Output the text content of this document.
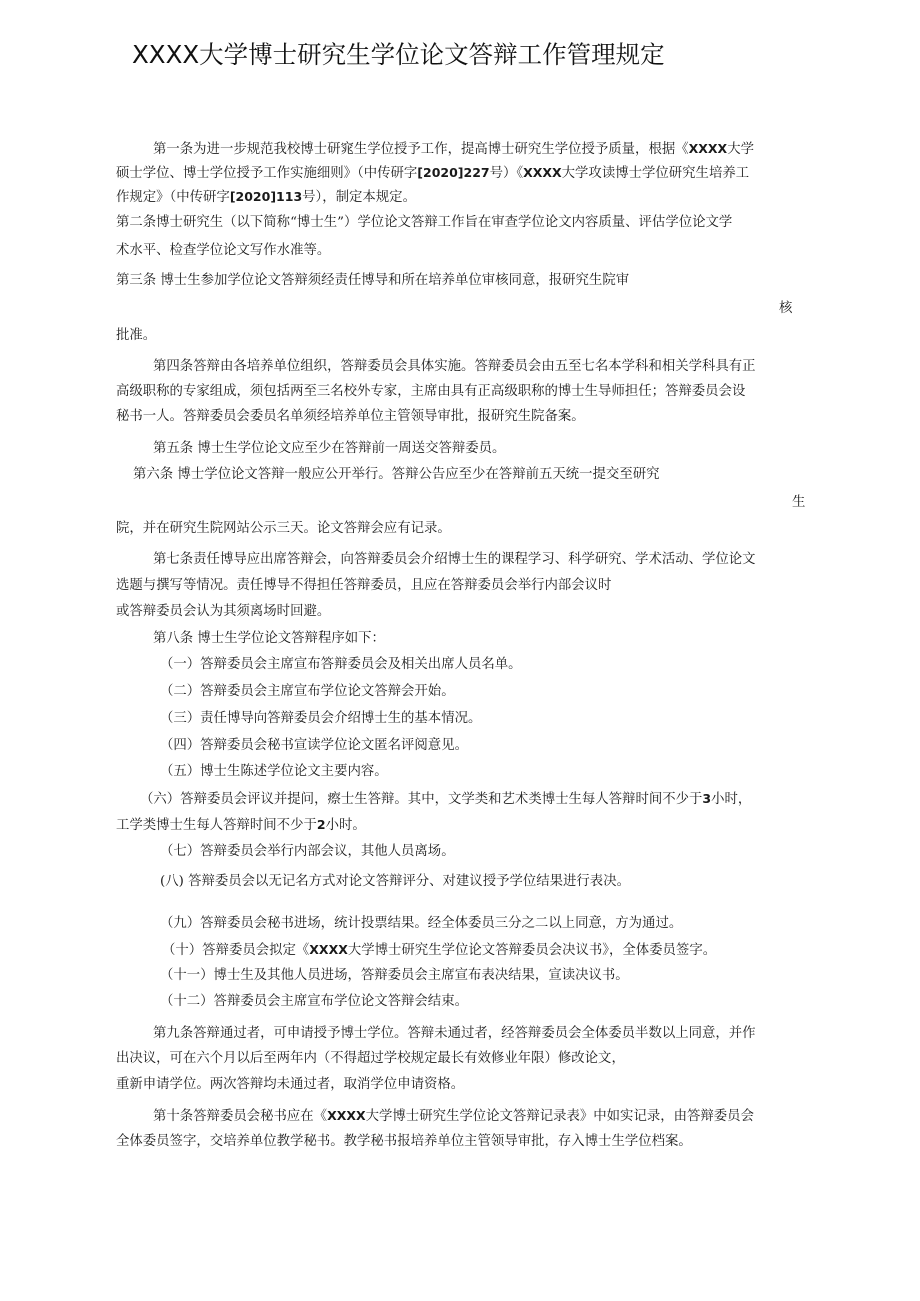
XXXX大学博士研究生学位论文答辩工作管理规定
第一条为进一步规范我校博士研窕生学位授予工作，提高博士研究生学位授予质量，根据《XXXX大学
硕士学位、博士学位授予工作实施细则》（中传研字[2020]227号）《XXXX大学攻读博士学位研究生培养工
作规定》（中传研字[2020]113号），制定本规定。
第二条博士研究生（以下简称“博士生”）学位论文答辩工作旨在审查学位论文内容质量、评估学位论文学
术水平、检查学位论文写作水准等。
第三条 博士生参加学位论文答辩须经责任博导和所在培养单位审核同意，报研究生院审
核
批准。
第四条答辩由各培养单位组织，答辩委员会具体实施。答辩委员会由五至七名本学科和相关学科具有正
高级职称的专家组成，须包括两至三名校外专家，主席由具有正高级职称的博士生导师担任；答辩委员会设
秘书一人。答辩委员会委员名单须经培养单位主管领导审批，报研究生院备案。
第五条 博士生学位论文应至少在答辩前一周送交答辩委员。
第六条 博士学位论文答辩一般应公开举行。答辩公告应至少在答辩前五天统一提交至研究
生
院，并在研究生院网站公示三天。论文答辩会应有记录。
第七条责任博导应出席答辩会，向答辩委员会介绍博士生的课程学习、科学研究、学术活动、学位论文
选题与撰写等情况。责任博导不得担任答辩委员，且应在答辩委员会举行内部会议时
或答辩委员会认为其须离场时回避。
第八条 博士生学位论文答辩程序如下：
（一）答辩委员会主席宣布答辩委员会及相关出席人员名单。
（二）答辩委员会主席宣布学位论文答辩会开始。
（三）责任博导向答辩委员会介绍博士生的基本情况。
（四）答辩委员会秘书宣读学位论文匿名评阅意见。
（五）博士生陈述学位论文主要内容。
（六）答辩委员会评议并提问，瘵士生答辩。其中，文学类和艺术类博士生每人答辩时间不少于3小时，
工学类博士生每人答辩时间不少于2小时。
（七）答辩委员会举行内部会议，其他人员离场。
(八) 答辩委员会以无记名方式对论文答辩评分、对建议授予学位结果进行表决。
（九）答辩委员会秘书进场，统计投票结果。经全体委员三分之二以上同意，方为通过。
（十）答辩委员会拟定《XXXX大学博士研究生学位论文答辩委员会决议书》，全体委员签字。
（十一）博士生及其他人员进场，答辩委员会主席宣布表决结果，宣读决议书。
（十二）答辩委员会主席宣布学位论文答辩会结束。
第九条答辩通过者，可申请授予博士学位。答辩未通过者，经答辩委员会全体委员半数以上同意，并作
出决议，可在六个月以后至两年内（不得超过学校规定最长有效修业年限）修改论文，
重新申请学位。两次答辩均未通过者，取消学位申请资格。
第十条答辩委员会秘书应在《XXXX大学博士研究生学位论文答辩记录表》中如实记录，由答辩委员会
全体委员签字，交培养单位教学秘书。教学秘书报培养单位主管领导审批，存入博士生学位档案。
